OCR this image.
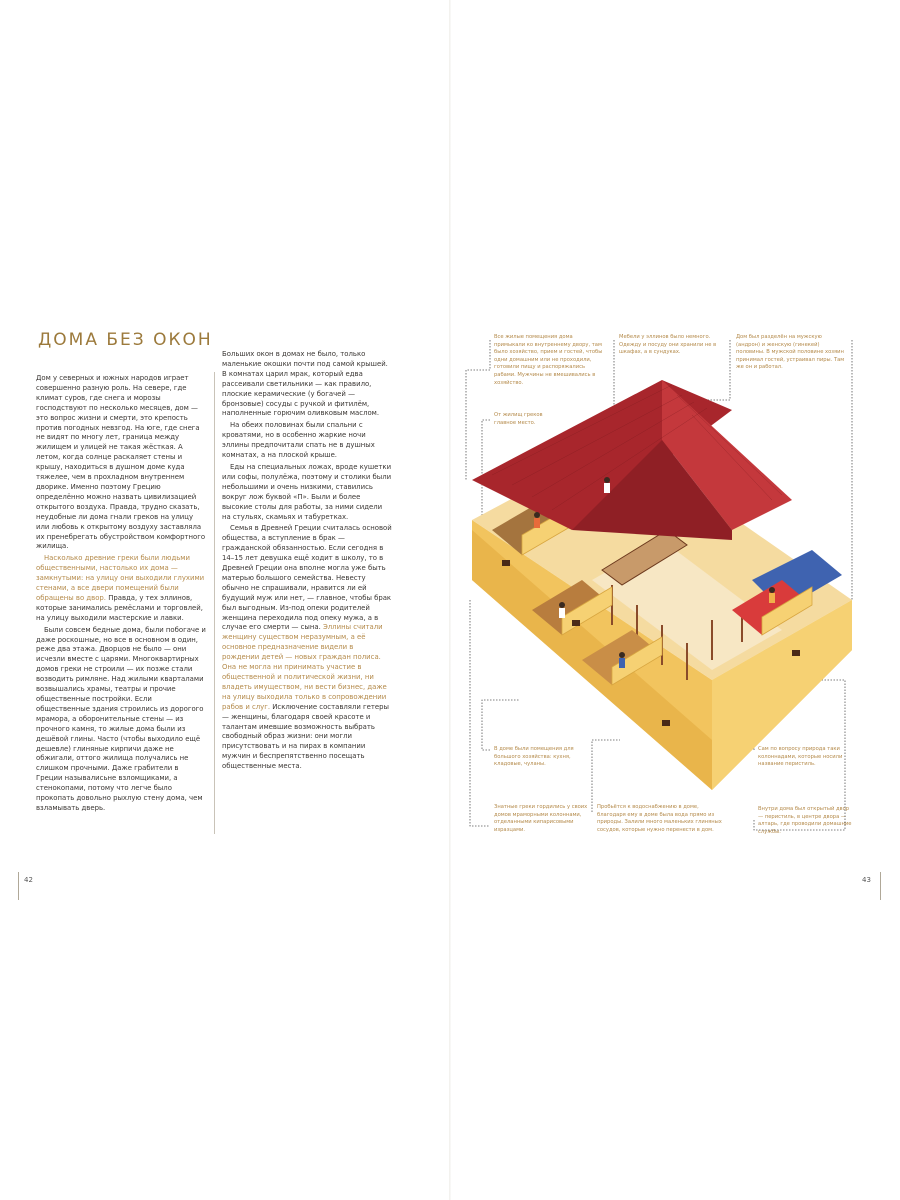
ДОМА БЕЗ ОКОН

Дом у северных и южных народов играет совершенно разную роль. На севере, где климат суров, где снега и морозы господствуют по несколько месяцев, дом — это вопрос жизни и смерти, это крепость против погодных невзгод. На юге, где снега не видят по многу лет, граница между жилищем и улицей не такая жёсткая. А летом, когда солнце раскаляет стены и крышу, находиться в душном доме куда тяжелее, чем в прохладном внутреннем дворике. Именно поэтому Грецию определённо можно назвать цивилизацией открытого воздуха. Правда, трудно сказать, неудобные ли дома гнали греков на улицу или любовь к открытому воздуху заставляла их пренебрегать обустройством комфортного жилища.

Насколько древние греки были людьми общественными, настолько их дома — замкнутыми: на улицу они выходили глухими стенами, а все двери помещений были обращены во двор. Правда, у тех эллинов, которые занимались ремёслами и торговлей, на улицу выходили мастерские и лавки.

Были совсем бедные дома, были побогаче и даже роскошные, но все в основном в один, реже два этажа. Дворцов не было — они исчезли вместе с царями. Многоквартирных домов греки не строили — их позже стали возводить римляне. Над жилыми кварталами возвышались храмы, театры и прочие общественные постройки. Если общественные здания строились из дорогого мрамора, а оборонительные стены — из прочного камня, то жилые дома были из дешёвой глины. Часто (чтобы выходило ещё дешевле) глиняные кирпичи даже не обжигали, оттого жилища получались не слишком прочными. Даже грабители в Греции называлисьне взломщиками, а стенокопами, потому что легче было прокопать довольно рыхлую стену дома, чем взламывать дверь.

Больших окон в домах не было, только маленькие окошки почти под самой крышей. В комнатах царил мрак, который едва рассеивали светильники — как правило, плоские керамические (у богачей — бронзовые) сосуды с ручкой и фитилём, наполненные горючим оливковым маслом.

На обеих половинах были спальни с кроватями, но в особенно жаркие ночи эллины предпочитали спать не в душных комнатах, а на плоской крыше.

Еды на специальных ложах, вроде кушетки или софы, полулёжа, поэтому и столики были небольшими и очень низкими, ставились вокруг лож буквой «П». Были и более высокие столы для работы, за ними сидели на стульях, скамьях и табуретках.

Семья в Древней Греции считалась основой общества, а вступление в брак — гражданской обязанностью. Если сегодня в 14–15 лет девушка ещё ходит в школу, то в Древней Греции она вполне могла уже быть матерью большого семейства. Невесту обычно не спрашивали, нравится ли ей будущий муж или нет, — главное, чтобы брак был выгодным. Из-под опеки родителей женщина переходила под опеку мужа, а в случае его смерти — сына. Эллины считали женщину существом неразумным, а её основное предназначение видели в рождении детей — новых граждан полиса. Она не могла ни принимать участие в общественной и политической жизни, ни владеть имуществом, ни вести бизнес, даже на улицу выходила только в сопровождении рабов и слуг. Исключение составляли гетеры — женщины, благодаря своей красоте и талантам имевшие возможность выбрать свободный образ жизни: они могли присутствовать и на пирах в компании мужчин и беспрепятственно посещать общественные места.

42
Все жилые помещения дома примыкали ко внутреннему двору, там было хозяйство, прием и гостей, чтобы одни домашним или не проходили, готовили пищу и распоряжались рабами. Мужчины не вмешивались в хозяйство.
Мебели у эллинов было немного. Одежду и посуду они хранили не в шкафах, а в сундуках.
Дом был разделён на мужскую (андрон) и женскую (гинекей) половины. В мужской половине хозяин принимал гостей, устраивал пиры. Там же он и работал.
От жилищ греков главное место.
В доме были помещения для большого хозяйства: кухня, кладовые, чуланы.
Знатные греки гордились у своих домов мраморными колоннами, отделанными кипарисовыми изразцами.
Пробьётся к водоснабжению в доме, благодаря ему в доме была вода прямо из природы. Залили много маленьких глиняных сосудов, которые нужно перенести в дом.
Сам по вопросу природа таки колоннадами, которые носили название перистиль.
Внутри дома был открытый двор — перистиль, в центре двора — алтарь, где проводили домашние службы.
43
